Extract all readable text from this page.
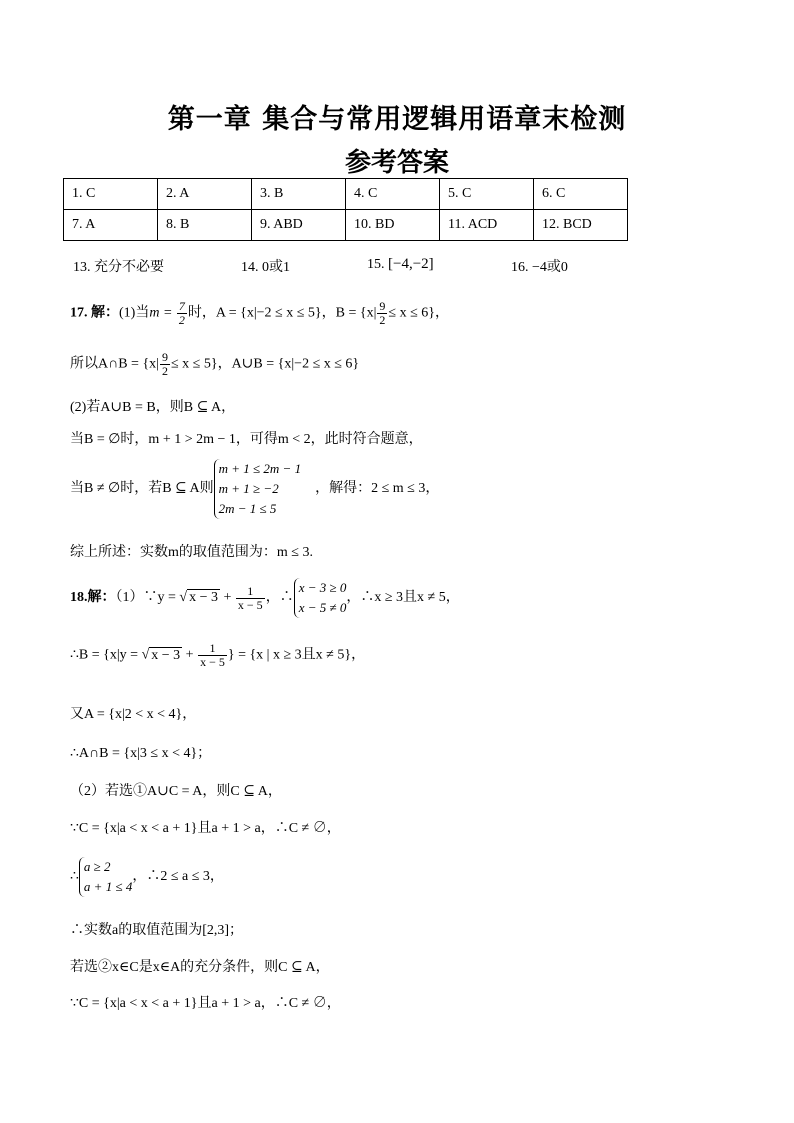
第一章 集合与常用逻辑用语章末检测
参考答案
1. C	2. A	3. B	4. C	5. C	6. C
7. A	8. B	9. ABD	10. BD	11. ACD	12. BCD
13. 充分不必要	14. 0或1	15. [−4,−2]	16. −4或0
17. 解：(1)当$m = \frac{7}{2}$ 时，A = {x|−2 ≤ x ≤ 5}，$B = \{x| \frac{9}{2} \le x \le 6\}$，
所以A∩B = $\{x| \frac{9}{2} \le x \le 5\}$，A∪B = {x|−2 ≤ x ≤ 6}
(2)若A∪B = B，则B ⊆ A，
当B = ∅时，m + 1 > 2m − 1，可得m < 2，此时符合题意，
当B ≠ ∅时，若B ⊆ A则
m + 1 ≤ 2m − 1
m + 1 ≥ −2
2m − 1 ≤ 5
，解得：2 ≤ m ≤ 3，
综上所述：实数m的取值范围为：m ≤ 3.
18.解：（1）∵y = √ $x - 3 + \frac{1}{x - 5}$ ，∴
x − 3 ≥ 0
x − 5 ≠ 0
，∴x ≥ 3且x ≠ 5，
∴B = {x|y = √ $x - 3 + \frac{1}{x - 5}$ } = {x | x ≥ 3且x ≠ 5}，
又A = {x|2 < x < 4}，
∴A∩B = {x|3 ≤ x < 4}；
（2）若选①A∪C = A，则C ⊆ A，
∵C = {x|a < x < a + 1}且a + 1 > a，∴C ≠ ∅，
∴
a ≥ 2
a + 1 ≤ 4
，∴2 ≤ a ≤ 3，
∴实数a的取值范围为[2,3]；
若选②x∈C是x∈A的充分条件，则C ⊆ A，
∵C = {x|a < x < a + 1}且a + 1 > a，∴C ≠ ∅，
